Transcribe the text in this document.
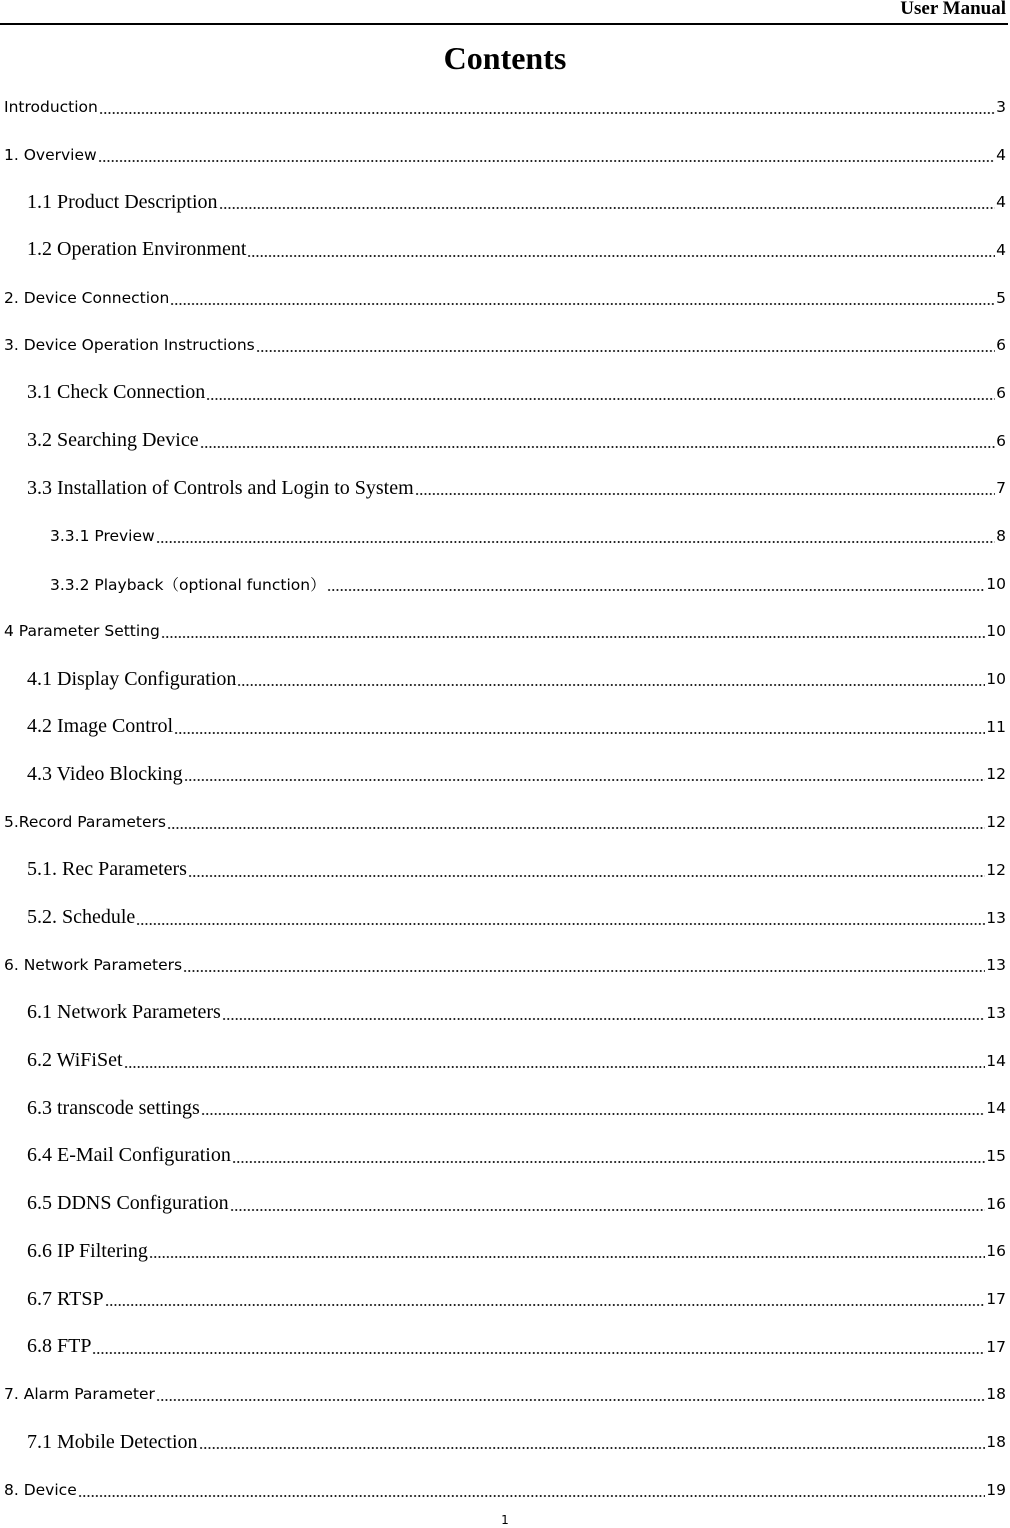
User Manual
Contents
Introduction	3
1. Overview	4
1.1 Product Description	4
1.2 Operation Environment	4
2. Device Connection	5
3. Device Operation Instructions	6
3.1 Check Connection	6
3.2 Searching Device	6
3.3 Installation of Controls and Login to System	7
3.3.1 Preview	8
3.3.2 Playback（optional function）	10
4 Parameter Setting	10
4.1 Display Configuration	10
4.2 Image Control	11
4.3 Video Blocking	12
5.Record Parameters	12
5.1. Rec Parameters	12
5.2. Schedule	13
6. Network Parameters	13
6.1 Network Parameters	13
6.2 WiFiSet	14
6.3 transcode settings	14
6.4 E-Mail Configuration	15
6.5 DDNS Configuration	16
6.6 IP Filtering	16
6.7 RTSP	17
6.8 FTP	17
7. Alarm Parameter	18
7.1 Mobile Detection	18
8. Device	19
1
